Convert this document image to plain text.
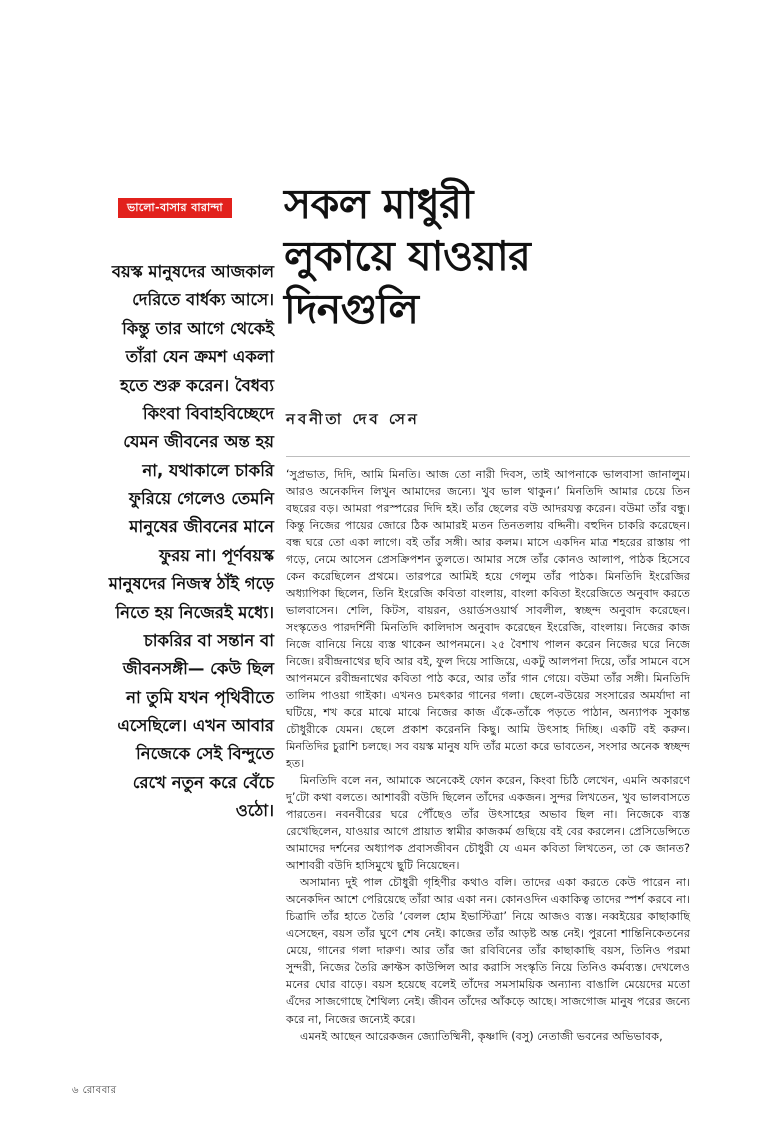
ভালো-বাসার বারান্দা সকল মাধুরী
লুকায়ে যাওয়ার
দিনগুলি
নবনীতা দেব সেন
বয়স্ক মানুষদের আজকাল দেরিতে বার্ধক্য আসে। কিন্তু তার আগে থেকেই তাঁরা যেন ক্রমশ একলা হতে শুরু করেন। বৈধব্য কিংবা বিবাহবিচ্ছেদে যেমন জীবনের অন্ত হয় না, যথাকালে চাকরি ফুরিয়ে গেলেও তেমনি মানুষের জীবনের মানে ফুরয় না। পূর্ণবয়স্ক মানুষদের নিজস্ব ঠাঁই গড়ে নিতে হয় নিজেরই মধ্যে। চাকরির বা সন্তান বা জীবনসঙ্গী— কেউ ছিল না তুমি যখন পৃথিবীতে এসেছিলে। এখন আবার নিজেকে সেই বিন্দুতে রেখে নতুন করে বেঁচে ওঠো।

‘সুপ্রভাত, দিদি, আমি মিনতি। আজ তো নারী দিবস, তাই আপনাকে ভালবাসা জানালুম। আরও অনেকদিন লিখুন আমাদের জন্যে। খুব ভাল থাকুন।’ মিনতিদি আমার চেয়ে তিন বছরের বড়। আমরা পরস্পরের দিদি হই। তাঁর ছেলের বউ আদরযত্ন করেন। বউমা তাঁর বন্ধু। কিন্তু নিজের পায়ের জোরে ঠিক আমারই মতন তিনতলায় বদ্দিনী। বহুদিন চাকরি করেছেন। বন্ধ ঘরে তো একা লাগে। বই তাঁর সঙ্গী। আর কলম। মাসে একদিন মাত্র শহরের রাস্তায় পা গড়ে, নেমে আসেন প্রেসক্রিপশন তুলতে। আমার সঙ্গে তাঁর কোনও আলাপ, পাঠক হিসেবে কেন করেছিলেন প্রথমে। তারপরে আমিই হয়ে গেলুম তাঁর পাঠক। মিনতিদি ইংরেজির অধ্যাপিকা ছিলেন, তিনি ইংরেজি কবিতা বাংলায়, বাংলা কবিতা ইংরেজিতে অনুবাদ করতে ভালবাসেন। শেলি, কিটস, বায়রন, ওয়ার্ডসওয়ার্থ সাবলীল, স্বচ্ছন্দ অনুবাদ করেছেন। সংস্কৃতেও পারদর্শিনী মিনতিদি কালিদাস অনুবাদ করেছেন ইংরেজি, বাংলায়। নিজের কাজ নিজে বানিয়ে নিয়ে ব্যস্ত থাকেন আপনমনে। ২৫ বৈশাখ পালন করেন নিজের ঘরে নিজে নিজে। রবীন্দ্রনাথের ছবি আর বই, ফুল দিয়ে সাজিয়ে, একটু আলপনা দিয়ে, তাঁর সামনে বসে আপনমনে রবীন্দ্রনাথের কবিতা পাঠ করে, আর তাঁর গান গেয়ে। বউমা তাঁর সঙ্গী। মিনতিদি তালিম পাওয়া গাইকা। এখনও চমৎকার গানের গলা। ছেলে-বউয়ের সংসারের অমর্যাদা না ঘটিয়ে, শখ করে মাঝে মাঝে নিজের কাজ এঁকে-তাঁকে পড়তে পাঠান, অন্যাপক সুকান্ত চৌধুরীকে যেমন। ছেলে প্রকাশ করেননি কিছু। আমি উৎসাহ দিচ্ছি। একটি বই করুন। মিনতিদির চুরাশি চলছে। সব বয়স্ক মানুষ যদি তাঁর মতো করে ভাবতেন, সংসার অনেক স্বচ্ছন্দ হত।

মিনতিদি বলে নন, আমাকে অনেকেই ফোন করেন, কিংবা চিঠি লেখেন, এমনি অকারণে দু’টো কথা বলতে। আশাবরী বউদি ছিলেন তাঁদের একজন। সুন্দর লিখতেন, খুব ভালবাসতে পারতেন। নবনবীরের ঘরে পৌঁছেও তাঁর উৎসাহের অভাব ছিল না। নিজেকে ব্যস্ত রেখেছিলেন, যাওয়ার আগে প্রায়াত স্বামীর কাজকর্ম গুছিয়ে বই বের করলেন। প্রেসিডেন্সিতে আমাদের দর্শনের অধ্যাপক প্রবাসজীবন চৌধুরী যে এমন কবিতা লিখতেন, তা কে জানত? আশাবরী বউদি হাসিমুখে ছুটি নিয়েছেন।

অসামান্য দুই পাল চৌধুরী গৃহিণীর কথাও বলি। তাদের একা করতে কেউ পারেন না। অনেকদিন আশে পেরিয়েছে তাঁরা আর একা নন। কোনওদিন একাকিত্ব তাদের স্পর্শ করবে না। চিত্রাদি তাঁর হাতে তৈরি ‘বেলল হোম ইভাস্টিত্রা’ নিয়ে আজও ব্যস্ত। নব্বইয়ের কাছাকাছি এসেছেন, বয়স তাঁর ঘুণে শেষ নেই। কাজের তাঁর আড়ষ্ট অন্ত নেই। পুরনো শান্তিনিকেতনের মেয়ে, গানের গলা দারুণ। আর তাঁর জা রবিবিনের তাঁর কাছাকাছি বয়স, তিনিও পরমা সুন্দরী, নিজের তৈরি ক্রাফ্টস কাউন্সিল আর করাসি সংস্কৃতি নিয়ে তিনিও কর্মব্যস্ত। দেখলেও মনের ঘোর বাড়ে। বয়স হয়েছে বলেই তাঁদের সমসাময়িক অন্যান্য বাঙালি মেয়েদের মতো এঁদের সাজগোছে শৈথিল্য নেই। জীবন তাঁদের আঁকড়ে আছে। সাজগোজ মানুষ পরের জন্যে করে না, নিজের জন্যেই করে।

এমনই আছেন আরেকজন জ্যোতিষ্মিনী, কৃষ্ণাদি (বসু) নেতাজী ভবনের অভিভাবক,

৬ রোববার
